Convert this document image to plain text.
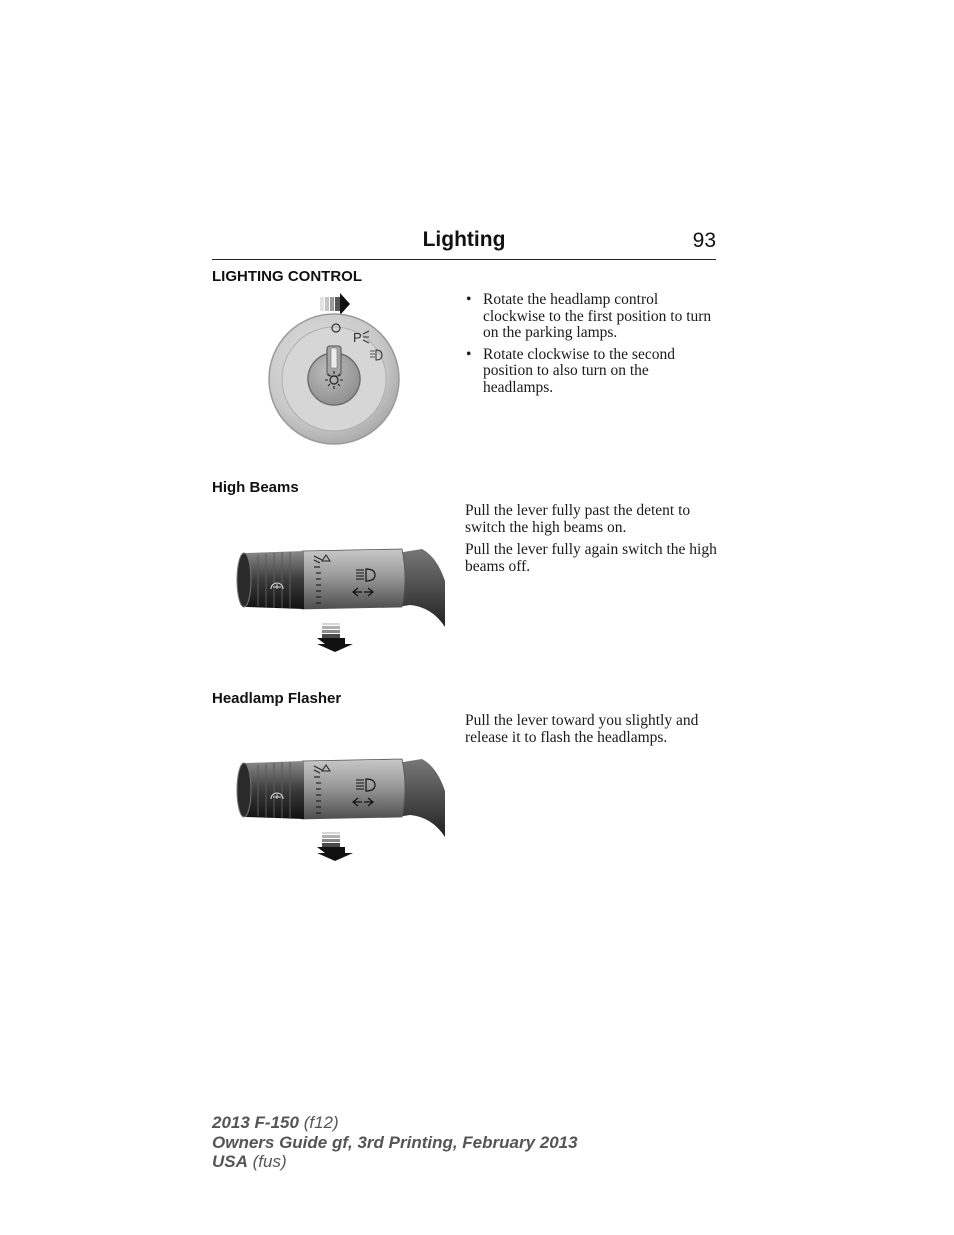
Lighting	93
LIGHTING CONTROL
P
• Rotate the headlamp control clockwise to the first position to turn on the parking lamps.
• Rotate clockwise to the second position to also turn on the headlamps.
High Beams

Pull the lever fully past the detent to switch the high beams on.

Pull the lever fully again switch the high beams off.

Headlamp Flasher

Pull the lever toward you slightly and release it to flash the headlamps.

2013 F-150 (f12)
Owners Guide gf, 3rd Printing, February 2013
USA (fus)
